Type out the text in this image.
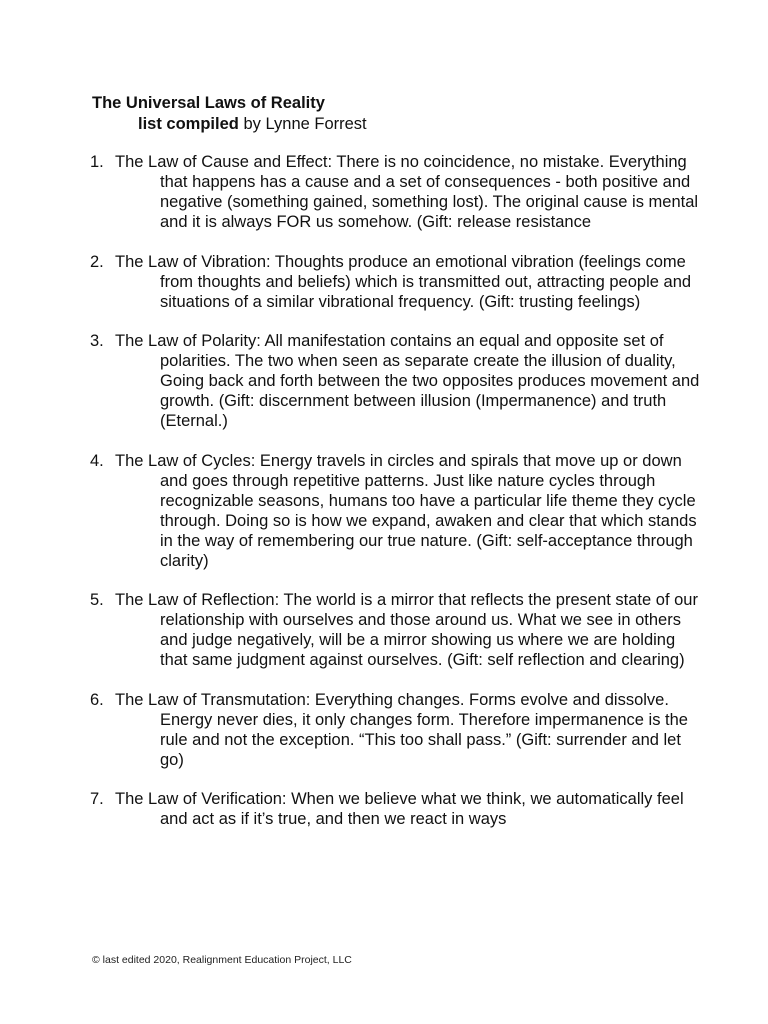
The Universal Laws of Reality
list compiled by Lynne Forrest
1. The Law of Cause and Effect: There is no coincidence, no mistake. Everything that happens has a cause and a set of consequences - both positive and negative (something gained, something lost). The original cause is mental and it is always FOR us somehow. (Gift: release resistance
2. The Law of Vibration: Thoughts produce an emotional vibration (feelings come from thoughts and beliefs) which is transmitted out, attracting people and situations of a similar vibrational frequency. (Gift: trusting feelings)
3. The Law of Polarity: All manifestation contains an equal and opposite set of polarities. The two when seen as separate create the illusion of duality, Going back and forth between the two opposites produces movement and growth. (Gift: discernment between illusion (Impermanence) and truth (Eternal.)
4. The Law of Cycles: Energy travels in circles and spirals that move up or down and goes through repetitive patterns. Just like nature cycles through recognizable seasons, humans too have a particular life theme they cycle through. Doing so is how we expand, awaken and clear that which stands in the way of remembering our true nature. (Gift: self-acceptance through clarity)
5. The Law of Reflection: The world is a mirror that reflects the present state of our relationship with ourselves and those around us. What we see in others and judge negatively, will be a mirror showing us where we are holding that same judgment against ourselves. (Gift: self reflection and clearing)
6. The Law of Transmutation: Everything changes. Forms evolve and dissolve. Energy never dies, it only changes form. Therefore impermanence is the rule and not the exception. “This too shall pass.” (Gift: surrender and let go)
7. The Law of Verification: When we believe what we think, we automatically feel and act as if it’s true, and then we react in ways
© last edited 2020, Realignment Education Project, LLC
